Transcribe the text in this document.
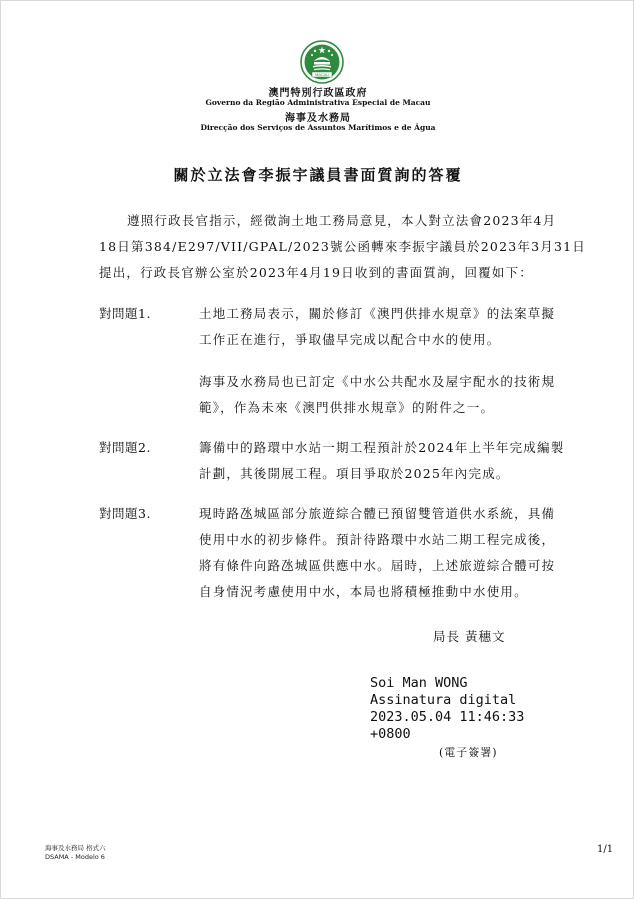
MACAU
澳門特別行政區政府
Governo da Região Administrativa Especial de Macau
海事及水務局
Direcção dos Serviços de Assuntos Marítimos e de Água
關於立法會李振宇議員書面質詢的答覆
遵照行政長官指示，經徵詢土地工務局意見，本人對立法會2023年4月
18日第384/E297/VII/GPAL/2023號公函轉來李振宇議員於2023年3月31日
提出，行政長官辦公室於2023年4月19日收到的書面質詢，回覆如下：
對問題1.	土地工務局表示，關於修訂《澳門供排水規章》的法案草擬
工作正在進行，爭取儘早完成以配合中水的使用。
海事及水務局也已訂定《中水公共配水及屋宇配水的技術規
範》，作為未來《澳門供排水規章》的附件之一。
對問題2.	籌備中的路環中水站一期工程預計於2024年上半年完成編製
計劃，其後開展工程。項目爭取於2025年內完成。
對問題3.	現時路氹城區部分旅遊綜合體已預留雙管道供水系統，具備
使用中水的初步條件。預計待路環中水站二期工程完成後，
將有條件向路氹城區供應中水。屆時，上述旅遊綜合體可按
自身情況考慮使用中水，本局也將積極推動中水使用。
局長 黃穗文
Soi Man WONG
Assinatura digital
2023.05.04 11:46:33
+0800
(電子簽署)
海事及水務局 格式六
DSAMA - Modelo 6
1/1
